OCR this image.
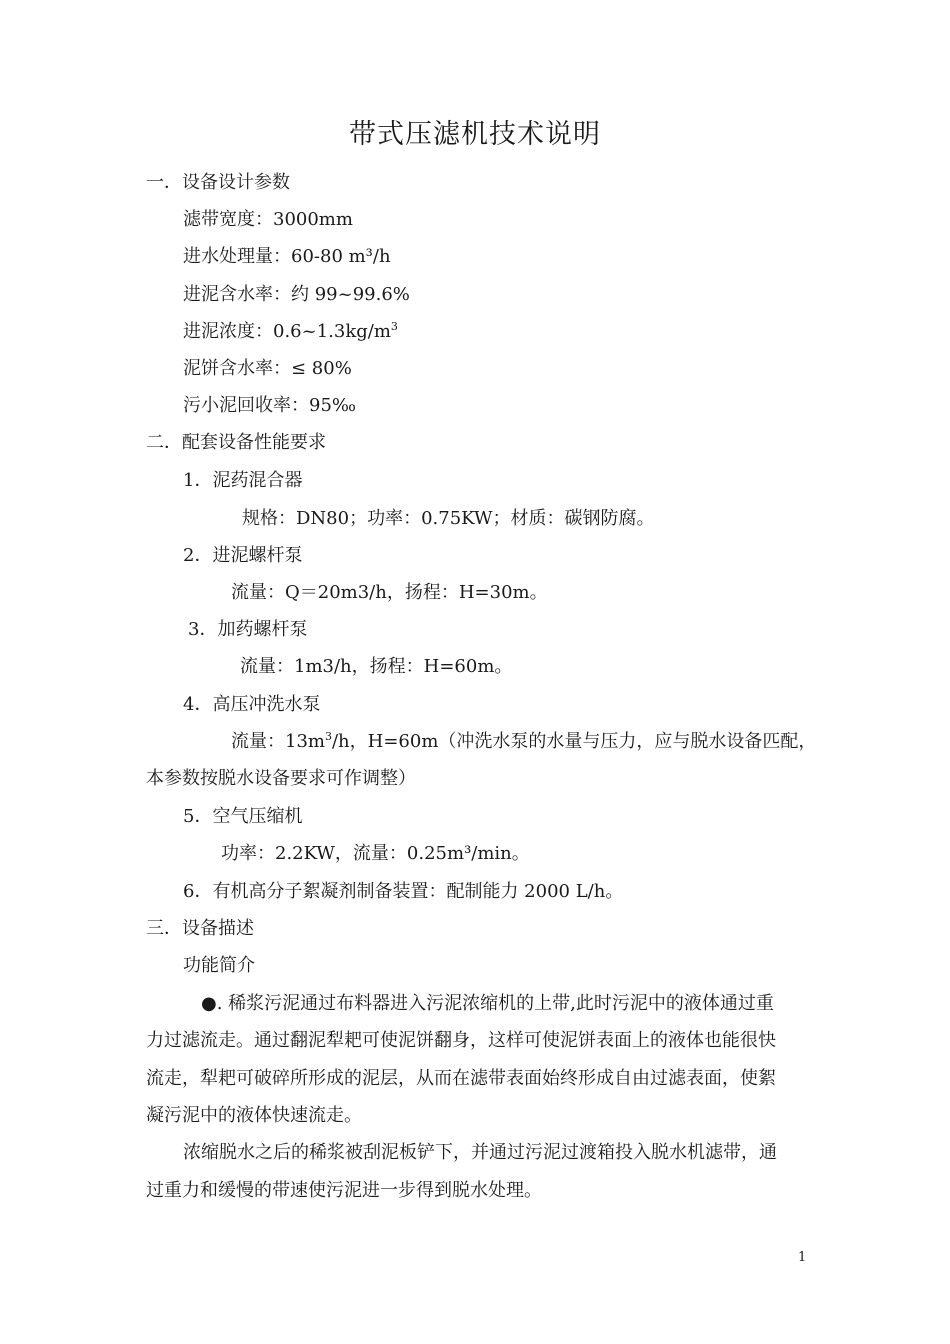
带式压滤机技术说明

一．设备设计参数

滤带宽度：3000mm

进水处理量：60-80 m³/h

进泥含水率：约 99~99.6%

进泥浓度：$0.6\sim 1.3kg/m^3$

泥饼含水率：≤ 80%

污小泥回收率：95‰

二．配套设备性能要求

1．泥药混合器

规格：DN80；功率：0.75KW；材质：碳钢防腐。

2．进泥螺杆泵

流量：Q＝20m3/h，扬程：H=30m。

3．加药螺杆泵

流量：1m3/h，扬程：H=60m。

4．高压冲洗水泵

流量：$13m^3/h$，H=60m（冲洗水泵的水量与压力，应与脱水设备匹配，

本参数按脱水设备要求可作调整）

5．空气压缩机

功率：2.2KW，流量：0.25m³/min。

6．有机高分子絮凝剂制备装置：配制能力 2000 L/h。

三．设备描述

功能简介

●. 稀浆污泥通过布料器进入污泥浓缩机的上带,此时污泥中的液体通过重

力过滤流走。通过翻泥犁耙可使泥饼翻身，这样可使泥饼表面上的液体也能很快

流走，犁耙可破碎所形成的泥层，从而在滤带表面始终形成自由过滤表面，使絮

凝污泥中的液体快速流走。

浓缩脱水之后的稀浆被刮泥板铲下，并通过污泥过渡箱投入脱水机滤带，通

过重力和缓慢的带速使污泥进一步得到脱水处理。

1
